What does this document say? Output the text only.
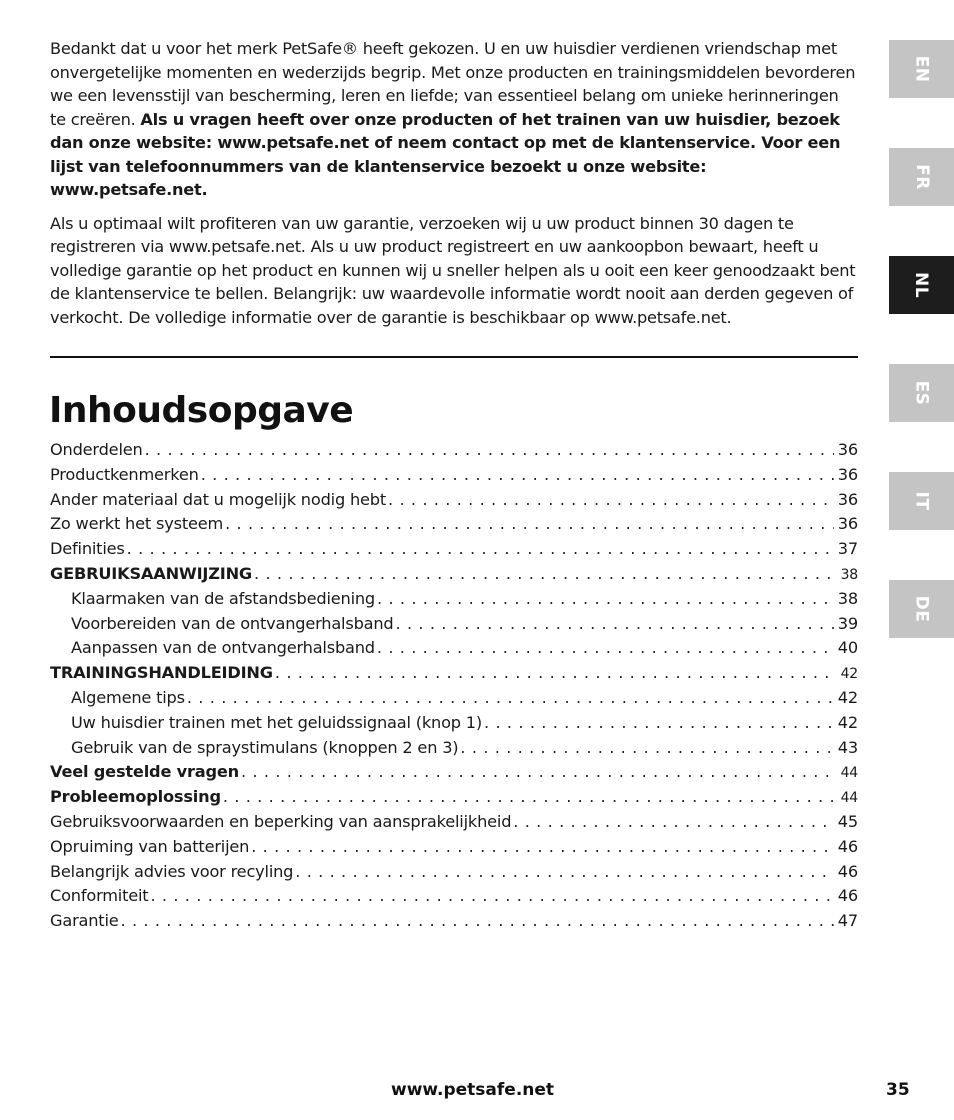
Bedankt dat u voor het merk PetSafe® heeft gekozen. U en uw huisdier verdienen vriendschap met onvergetelijke momenten en wederzijds begrip. Met onze producten en trainingsmiddelen bevorderen we een levensstijl van bescherming, leren en liefde; van essentieel belang om unieke herinneringen te creëren. Als u vragen heeft over onze producten of het trainen van uw huisdier, bezoek dan onze website: www.petsafe.net of neem contact op met de klantenservice. Voor een lijst van telefoonnummers van de klantenservice bezoekt u onze website: www.petsafe.net.

Als u optimaal wilt profiteren van uw garantie, verzoeken wij u uw product binnen 30 dagen te registreren via www.petsafe.net. Als u uw product registreert en uw aankoopbon bewaart, heeft u volledige garantie op het product en kunnen wij u sneller helpen als u ooit een keer genoodzaakt bent de klantenservice te bellen. Belangrijk: uw waardevolle informatie wordt nooit aan derden gegeven of verkocht. De volledige informatie over de garantie is beschikbaar op www.petsafe.net.

Inhoudsopgave
Onderdelen .....	36
Productkenmerken .....	36
Ander materiaal dat u mogelijk nodig hebt .....	36
Zo werkt het systeem .....	36
Definities .....	37
GEBRUIKSAANWIJZING .....	38
Klaarmaken van de afstandsbediening .....	38
Voorbereiden van de ontvangerhalsband .....	39
Aanpassen van de ontvangerhalsband .....	40
TRAININGSHANDLEIDING .....	42
Algemene tips .....	42
Uw huisdier trainen met het geluidssignaal (knop 1) .....	42
Gebruik van de spraystimulans (knoppen 2 en 3) .....	43
Veel gestelde vragen .....	44
Probleemoplossing .....	44
Gebruiksvoorwaarden en beperking van aansprakelijkheid .....	45
Opruiming van batterijen .....	46
Belangrijk advies voor recyling .....	46
Conformiteit .....	46
Garantie .....	47
EN
FR
NL
ES
IT
DE
www.petsafe.net	35
